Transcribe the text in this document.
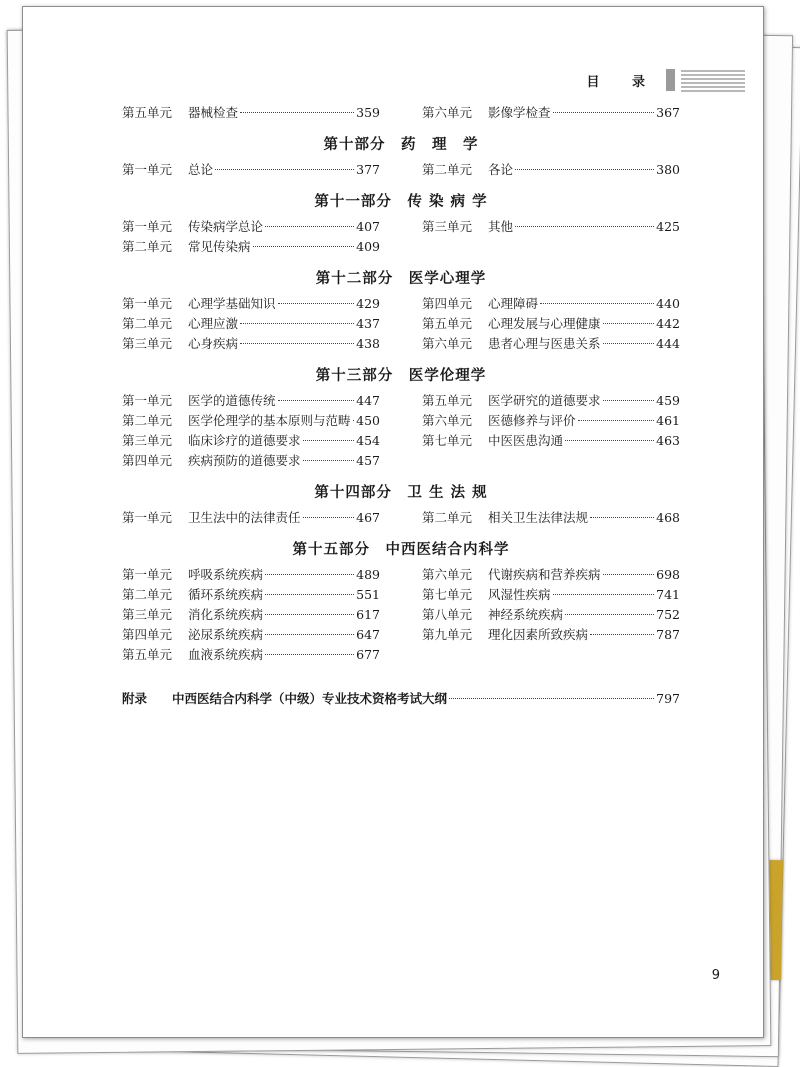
目 录
第五单元	器械检查	359	第六单元	影像学检查	367
第十部分　药　理　学
第一单元	总论	377	第二单元	各论	380
第十一部分　传 染 病 学
第一单元	传染病学总论	407
第二单元	常见传染病	409
第三单元	其他	425
第十二部分　医学心理学
第一单元	心理学基础知识	429
第二单元	心理应激	437
第三单元	心身疾病	438
第四单元	心理障碍	440
第五单元	心理发展与心理健康	442
第六单元	患者心理与医患关系	444
第十三部分　医学伦理学
第一单元	医学的道德传统	447
第二单元	医学伦理学的基本原则与范畴 450
第三单元	临床诊疗的道德要求	454
第四单元	疾病预防的道德要求	457
第五单元	医学研究的道德要求	459
第六单元	医德修养与评价	461
第七单元	中医医患沟通	463
第十四部分　卫 生 法 规
第一单元	卫生法中的法律责任	467	第二单元	相关卫生法律法规	468
第十五部分　中西医结合内科学
第一单元	呼吸系统疾病	489
第二单元	循环系统疾病	551
第三单元	消化系统疾病	617
第四单元	泌尿系统疾病	647
第五单元	血液系统疾病	677
第六单元	代谢疾病和营养疾病	698
第七单元	风湿性疾病	741
第八单元	神经系统疾病	752
第九单元	理化因素所致疾病	787
附录	中西医结合内科学（中级）专业技术资格考试大纲	797
9
